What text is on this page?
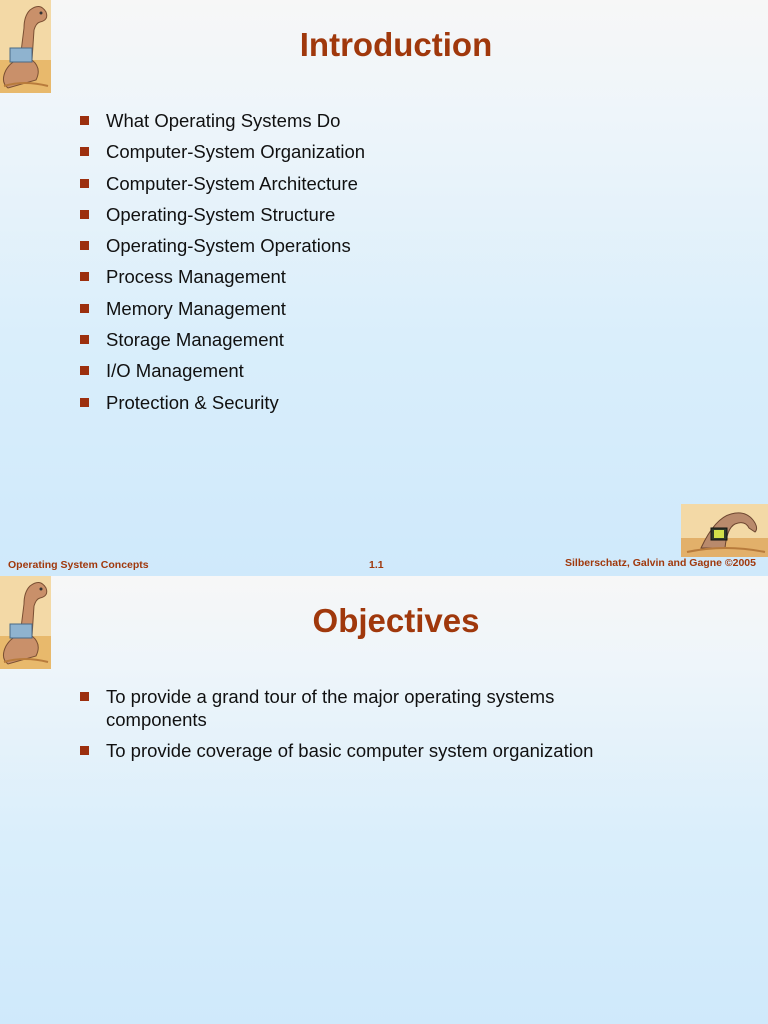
Introduction
What Operating Systems Do
Computer-System Organization
Computer-System Architecture
Operating-System Structure
Operating-System Operations
Process Management
Memory Management
Storage Management
I/O Management
Protection & Security
Operating System Concepts	1.1	Silberschatz, Galvin and Gagne ©2005
Objectives
To provide a grand tour of the major operating systems components
To provide coverage of basic computer system organization
